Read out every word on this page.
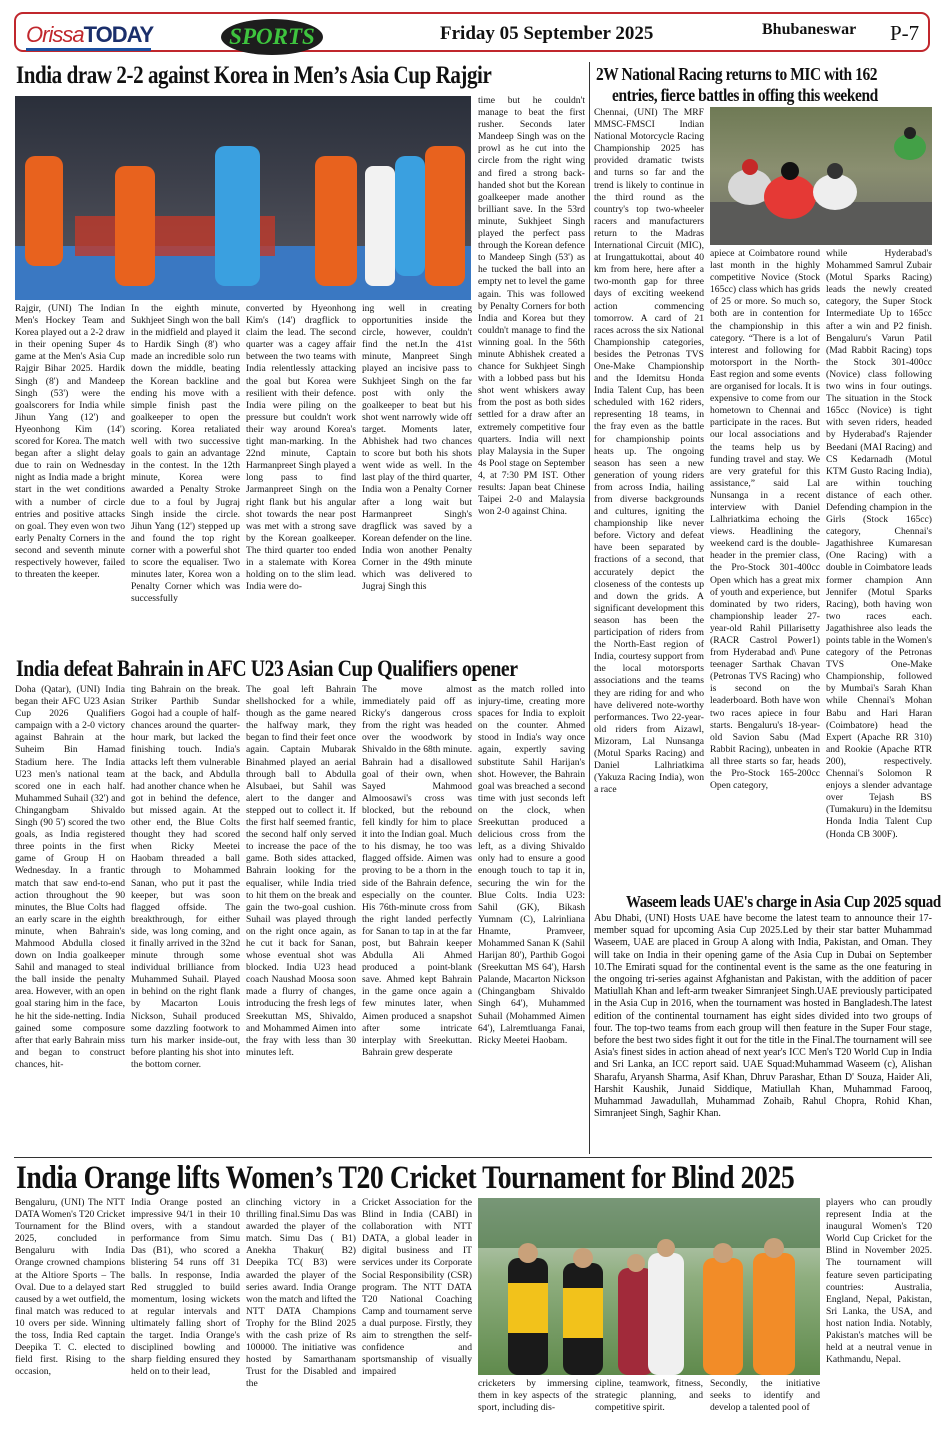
OrissaTODAY	SPORTS	Friday 05 September 2025	Bhubaneswar P-7
India draw 2-2 against Korea in Men’s Asia Cup Rajgir
Rajgir, (UNI) The Indian Men's Hockey Team and Korea played out a 2-2 draw in their opening Super 4s game at the Men's Asia Cup Rajgir Bihar 2025. Hardik Singh (8') and Mandeep Singh (53') were the goalscorers for India while Jihun Yang (12') and Hyeonhong Kim (14') scored for Korea. The match began after a slight delay due to rain on Wednesday night as India made a bright start in the wet conditions with a number of circle entries and positive attacks on goal. They even won two early Penalty Corners in the second and seventh minute respectively however, failed to threaten the keeper.
In the eighth minute, Sukhjeet Singh won the ball in the midfield and played it to Hardik Singh (8') who made an incredible solo run down the middle, beating the Korean backline and ending his move with a simple finish past the goalkeeper to open the scoring. Korea retaliated well with two successive goals to gain an advantage in the contest. In the 12th minute, Korea were awarded a Penalty Stroke due to a foul by Jugraj Singh inside the circle. Jihun Yang (12') stepped up and found the top right corner with a powerful shot to score the equaliser. Two minutes later, Korea won a Penalty Corner which was successfully
converted by Hyeonhong Kim's (14') dragflick to claim the lead. The second quarter was a cagey affair between the two teams with India relentlessly attacking the goal but Korea were resilient with their defence. India were piling on the pressure but couldn't work their way around Korea's tight man-marking. In the 22nd minute, Captain Harmanpreet Singh played a long pass to find Jarmanpreet Singh on the right flank but his angular shot towards the near post was met with a strong save by the Korean goalkeeper. The third quarter too ended in a stalemate with Korea holding on to the slim lead. India were do-
ing well in creating opportunities inside the circle, however, couldn't find the net.In the 41st minute, Manpreet Singh played an incisive pass to Sukhjeet Singh on the far post with only the goalkeeper to beat but his shot went narrowly wide off target. Moments later, Abhishek had two chances to score but both his shots went wide as well. In the last play of the third quarter, India won a Penalty Corner after a long wait but Harmanpreet Singh's dragflick was saved by a Korean defender on the line. India won another Penalty Corner in the 49th minute which was delivered to Jugraj Singh this
time but he couldn't manage to beat the first rusher. Seconds later Mandeep Singh was on the prowl as he cut into the circle from the right wing and fired a strong back-handed shot but the Korean goalkeeper made another brilliant save. In the 53rd minute, Sukhjeet Singh played the perfect pass through the Korean defence to Mandeep Singh (53') as he tucked the ball into an empty net to level the game again. This was followed by Penalty Corners for both India and Korea but they couldn't manage to find the winning goal. In the 56th minute Abhishek created a chance for Sukhjeet Singh with a lobbed pass but his shot went whiskers away from the post as both sides settled for a draw after an extremely competitive four quarters. India will next play Malaysia in the Super 4s Pool stage on September 4, at 7:30 PM IST. Other results: Japan beat Chinese Taipei 2-0 and Malaysia won 2-0 against China.
India defeat Bahrain in AFC U23 Asian Cup Qualifiers opener
Doha (Qatar), (UNI) India began their AFC U23 Asian Cup 2026 Qualifiers campaign with a 2-0 victory against Bahrain at the Suheim Bin Hamad Stadium here. The India U23 men's national team scored one in each half. Muhammed Suhail (32') and Chingangbam Shivaldo Singh (90 5') scored the two goals, as India registered three points in the first game of Group H on Wednesday. In a frantic match that saw end-to-end action throughout the 90 minutes, the Blue Colts had an early scare in the eighth minute, when Bahrain's Mahmood Abdulla closed down on India goalkeeper Sahil and managed to steal the ball inside the penalty area. However, with an open goal staring him in the face, he hit the side-netting. India gained some composure after that early Bahrain miss and began to construct chances, hit-
ting Bahrain on the break. Striker Parthib Sundar Gogoi had a couple of half-chances around the quarter-hour mark, but lacked the finishing touch. India's attacks left them vulnerable at the back, and Abdulla had another chance when he got in behind the defence, but missed again. At the other end, the Blue Colts thought they had scored when Ricky Meetei Haobam threaded a ball through to Mohammed Sanan, who put it past the keeper, but was soon flagged offside. The breakthrough, for either side, was long coming, and it finally arrived in the 32nd minute through some individual brilliance from Muhammed Suhail. Played in behind on the right flank by Macarton Louis Nickson, Suhail produced some dazzling footwork to turn his marker inside-out, before planting his shot into the bottom corner.
The goal left Bahrain shellshocked for a while, though as the game neared the halfway mark, they began to find their feet once again. Captain Mubarak Binahmed played an aerial through ball to Abdulla Alsubaei, but Sahil was alert to the danger and stepped out to collect it. If the first half seemed frantic, the second half only served to increase the pace of the game. Both sides attacked, Bahrain looking for the equaliser, while India tried to hit them on the break and gain the two-goal cushion. Suhail was played through on the right once again, as he cut it back for Sanan, whose eventual shot was blocked. India U23 head coach Naushad Moosa soon made a flurry of changes, introducing the fresh legs of Sreekuttan MS, Shivaldo, and Mohammed Aimen into the fray with less than 30 minutes left.
The move almost immediately paid off as Ricky's dangerous cross from the right was headed over the woodwork by Shivaldo in the 68th minute. Bahrain had a disallowed goal of their own, when Sayed Mahmood Almoosawi's cross was blocked, but the rebound fell kindly for him to place it into the Indian goal. Much to his dismay, he too was flagged offside. Aimen was proving to be a thorn in the side of the Bahrain defence, especially on the counter. His 76th-minute cross from the right landed perfectly for Sanan to tap in at the far post, but Bahrain keeper Abdulla Ali Ahmed produced a point-blank save. Ahmed kept Bahrain in the game once again a few minutes later, when Aimen produced a snapshot after some intricate interplay with Sreekuttan. Bahrain grew desperate
as the match rolled into injury-time, creating more spaces for India to exploit on the counter. Ahmed stood in India's way once again, expertly saving substitute Sahil Harijan's shot. However, the Bahrain goal was breached a second time with just seconds left on the clock, when Sreekuttan produced a delicious cross from the left, as a diving Shivaldo only had to ensure a good enough touch to tap it in, securing the win for the Blue Colts. India U23: Sahil (GK), Bikash Yumnam (C), Lalrinliana Hnamte, Pramveer, Mohammed Sanan K (Sahil Harijan 80'), Parthib Gogoi (Sreekuttan MS 64'), Harsh Palande, Macarton Nickson (Chingangbam Shivaldo Singh 64'), Muhammed Suhail (Mohammed Aimen 64'), Lalremtluanga Fanai, Ricky Meetei Haobam.
2W National Racing returns to MIC with 162
entries, fierce battles in offing this weekend
Chennai, (UNI) The MRF MMSC-FMSCI Indian National Motorcycle Racing Championship 2025 has provided dramatic twists and turns so far and the trend is likely to continue in the third round as the country's top two-wheeler racers and manufacturers return to the Madras International Circuit (MIC), at Irungattukottai, about 40 km from here, here after a two-month gap for three days of exciting weekend action commencing tomorrow. A card of 21 races across the six National Championship categories, besides the Petronas TVS One-Make Championship and the Idemitsu Honda India Talent Cup, has been scheduled with 162 riders, representing 18 teams, in the fray even as the battle for championship points heats up. The ongoing season has seen a new generation of young riders from across India, hailing from diverse backgrounds and cultures, igniting the championship like never before. Victory and defeat have been separated by fractions of a second, that accurately depict the closeness of the contests up and down the grids. A significant development this season has been the participation of riders from the North-East region of India, courtesy support from the local motorsports associations and the teams they are riding for and who have delivered note-worthy performances. Two 22-year-old riders from Aizawl, Mizoram, Lal Nunsanga (Motul Sparks Racing) and Daniel Lalhriatkima (Yakuza Racing India), won a race
apiece at Coimbatore round last month in the highly competitive Novice (Stock 165cc) class which has grids of 25 or more. So much so, both are in contention for the championship in this category. “There is a lot of interest and following for motorsport in the North-East region and some events are organised for locals. It is expensive to come from our hometown to Chennai and participate in the races. But our local associations and the teams help us by funding travel and stay. We are very grateful for this assistance,” said Lal Nunsanga in a recent interview with Daniel Lalhriatkima echoing the views. Headlining the weekend card is the double-header in the premier class, the Pro-Stock 301-400cc Open which has a great mix of youth and experience, but dominated by two riders, championship leader 27-year-old Rahil Pillarisetty (RACR Castrol Power1) from Hyderabad and\ Pune teenager Sarthak Chavan (Petronas TVS Racing) who is second on the leaderboard. Both have won two races apiece in four starts. Bengaluru's 18-year-old Savion Sabu (Mad Rabbit Racing), unbeaten in all three starts so far, heads the Pro-Stock 165-200cc Open category,
while Hyderabad's Mohammed Samrul Zubair (Motul Sparks Racing) leads the newly created category, the Super Stock Intermediate Up to 165cc after a win and P2 finish. Bengaluru's Varun Patil (Mad Rabbit Racing) tops the Stock 301-400cc (Novice) class following two wins in four outings. The situation in the Stock 165cc (Novice) is tight with seven riders, headed by Hyderabad's Rajender Beedani (MAI Racing) and CS Kedarnadh (Motul KTM Gusto Racing India), are within touching distance of each other. Defending champion in the Girls (Stock 165cc) category, Chennai's Jagathishree Kumaresan (One Racing) with a double in Coimbatore leads former champion Ann Jennifer (Motul Sparks Racing), both having won two races each. Jagathishree also leads the points table in the Women's category of the Petronas TVS One-Make Championship, followed by Mumbai's Sarah Khan while Chennai's Mohan Babu and Hari Haran (Coimbatore) head the Expert (Apache RR 310) and Rookie (Apache RTR 200), respectively. Chennai's Solomon R enjoys a slender advantage over Tejash BS (Tumakuru) in the Idemitsu Honda India Talent Cup (Honda CB 300F).
Waseem leads UAE's charge in Asia Cup 2025 squad
Abu Dhabi, (UNI) Hosts UAE have become the latest team to announce their 17-member squad for upcoming Asia Cup 2025.Led by their star batter Muhammad Waseem, UAE are placed in Group A along with India, Pakistan, and Oman. They will take on India in their opening game of the Asia Cup in Dubai on September 10.The Emirati squad for the continental event is the same as the one featuring in the ongoing tri-series against Afghanistan and Pakistan, with the addition of pacer Matiullah Khan and left-arm tweaker Simranjeet Singh.UAE previously participated in the Asia Cup in 2016, when the tournament was hosted in Bangladesh.The latest edition of the continental tournament has eight sides divided into two groups of four. The top-two teams from each group will then feature in the Super Four stage, before the best two sides fight it out for the title in the Final.The tournament will see Asia's finest sides in action ahead of next year's ICC Men's T20 World Cup in India and Sri Lanka, an ICC report said. UAE Squad:Muhammad Waseem (c), Alishan Sharafu, Aryansh Sharma, Asif Khan, Dhruv Parashar, Ethan D' Souza, Haider Ali, Harshit Kaushik, Junaid Siddique, Matiullah Khan, Muhammad Farooq, Muhammad Jawadullah, Muhammad Zohaib, Rahul Chopra, Rohid Khan, Simranjeet Singh, Saghir Khan.
India Orange lifts Women’s T20 Cricket Tournament for Blind 2025
Bengaluru, (UNI) The NTT DATA Women's T20 Cricket Tournament for the Blind 2025, concluded in Bengaluru with India Orange crowned champions at the Altiore Sports – The Oval. Due to a delayed start caused by a wet outfield, the final match was reduced to 10 overs per side. Winning the toss, India Red captain Deepika T. C. elected to field first. Rising to the occasion,
India Orange posted an impressive 94/1 in their 10 overs, with a standout performance from Simu Das (B1), who scored a blistering 54 runs off 31 balls. In response, India Red struggled to build momentum, losing wickets at regular intervals and ultimately falling short of the target. India Orange's disciplined bowling and sharp fielding ensured they held on to their lead,
clinching victory in a thrilling final.Simu Das was awarded the player of the match. Simu Das ( B1) Anekha Thakur( B2) Deepika TC( B3) were awarded the player of the series award. India Orange won the match and lifted the NTT DATA Champions Trophy for the Blind 2025 with the cash prize of Rs 100000. The initiative was hosted by Samarthanam Trust for the Disabled and the
Cricket Association for the Blind in India (CABI) in collaboration with NTT DATA, a global leader in digital business and IT services under its Corporate Social Responsibility (CSR) program. The NTT DATA T20 National Coaching Camp and tournament serve a dual purpose. Firstly, they aim to strengthen the self-confidence and sportsmanship of visually impaired
cricketers by immersing them in key aspects of the sport, including dis-
cipline, teamwork, fitness, strategic planning, and competitive spirit.
Secondly, the initiative seeks to identify and develop a talented pool of
players who can proudly represent India at the inaugural Women's T20 World Cup Cricket for the Blind in November 2025. The tournament will feature seven participating countries: Australia, England, Nepal, Pakistan, Sri Lanka, the USA, and host nation India. Notably, Pakistan's matches will be held at a neutral venue in Kathmandu, Nepal.
